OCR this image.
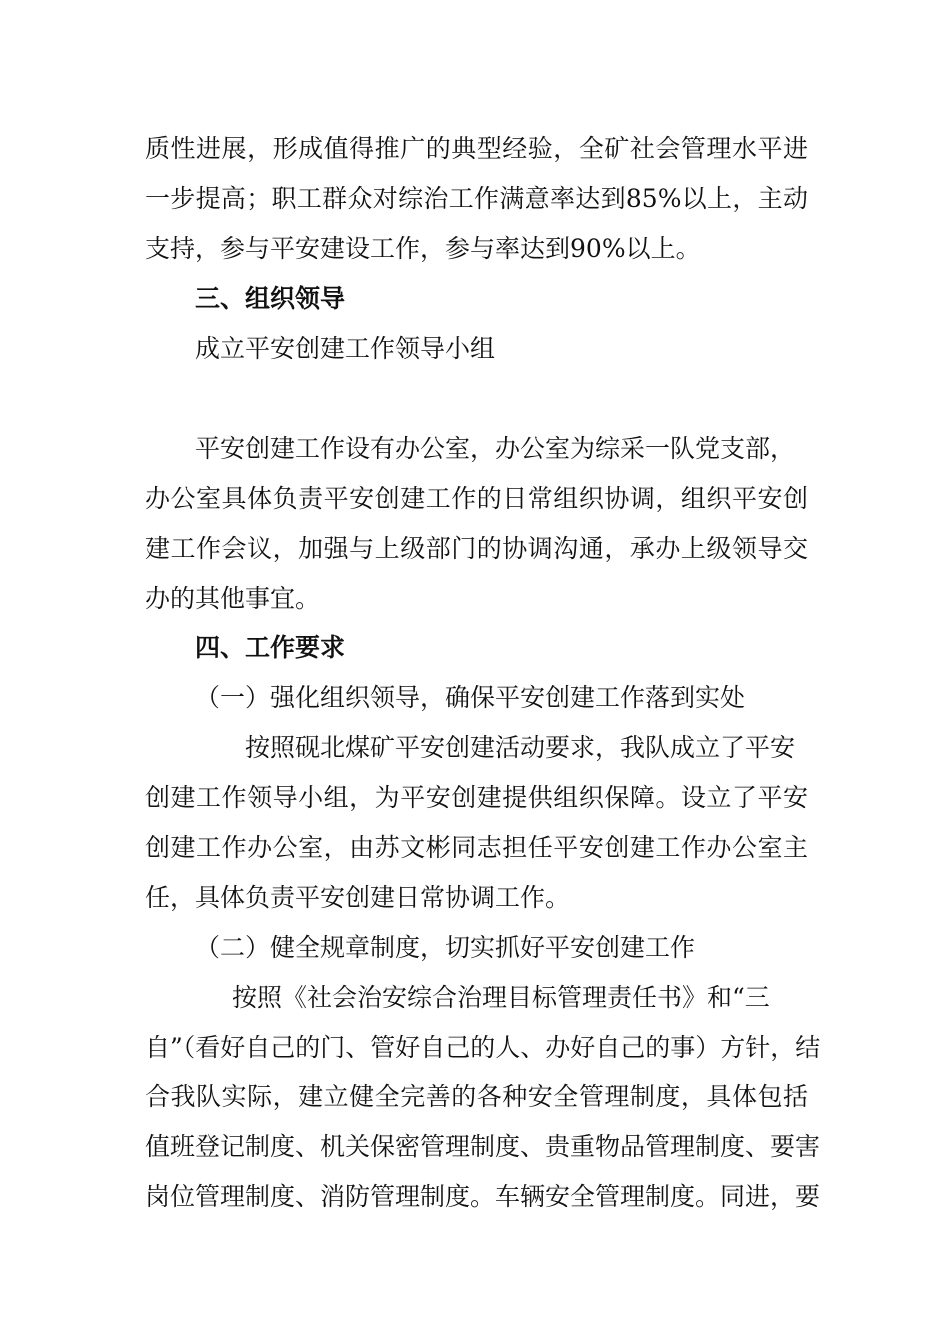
质性进展，形成值得推广的典型经验，全矿社会管理水平进
一步提高；职工群众对综治工作满意率达到85%以上，主动
支持，参与平安建设工作，参与率达到90%以上。
三、组织领导
成立平安创建工作领导小组
平安创建工作设有办公室，办公室为综采一队党支部，
办公室具体负责平安创建工作的日常组织协调，组织平安创
建工作会议，加强与上级部门的协调沟通，承办上级领导交
办的其他事宜。
四、工作要求
（一）强化组织领导，确保平安创建工作落到实处
按照砚北煤矿平安创建活动要求，我队成立了平安
创建工作领导小组，为平安创建提供组织保障。设立了平安
创建工作办公室，由苏文彬同志担任平安创建工作办公室主
任，具体负责平安创建日常协调工作。
（二）健全规章制度，切实抓好平安创建工作
按照《社会治安综合治理目标管理责任书》和“三
自”（看好自己的门、管好自己的人、办好自己的事）方针，结
合我队实际，建立健全完善的各种安全管理制度，具体包括
值班登记制度、机关保密管理制度、贵重物品管理制度、要害
岗位管理制度、消防管理制度。车辆安全管理制度。同进，要
